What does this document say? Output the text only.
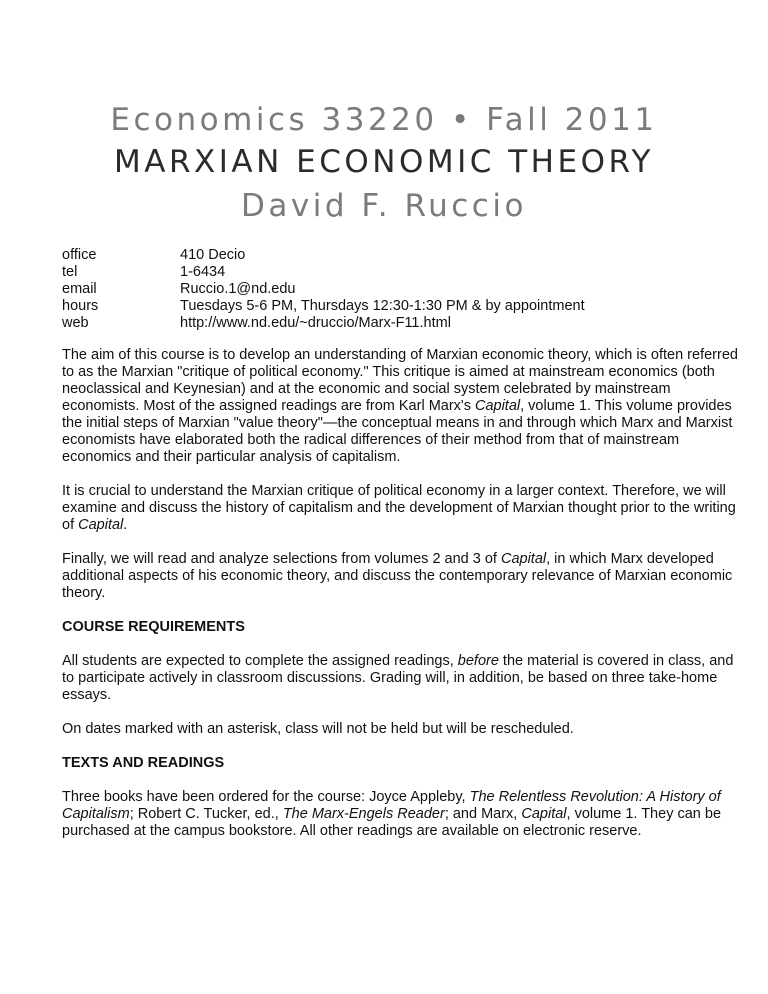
Economics 33220 • Fall 2011
MARXIAN ECONOMIC THEORY
David F. Ruccio
office	410 Decio
tel	1-6434
email	Ruccio.1@nd.edu
hours	Tuesdays 5-6 PM, Thursdays 12:30-1:30 PM & by appointment
web	http://www.nd.edu/~druccio/Marx-F11.html

The aim of this course is to develop an understanding of Marxian economic theory, which is often referred to as the Marxian "critique of political economy." This critique is aimed at mainstream economics (both neoclassical and Keynesian) and at the economic and social system celebrated by mainstream economists. Most of the assigned readings are from Karl Marx's Capital, volume 1. This volume provides the initial steps of Marxian "value theory"—the conceptual means in and through which Marx and Marxist economists have elaborated both the radical differences of their method from that of mainstream economics and their particular analysis of capitalism.

It is crucial to understand the Marxian critique of political economy in a larger context. Therefore, we will examine and discuss the history of capitalism and the development of Marxian thought prior to the writing of Capital.

Finally, we will read and analyze selections from volumes 2 and 3 of Capital, in which Marx developed additional aspects of his economic theory, and discuss the contemporary relevance of Marxian economic theory.

COURSE REQUIREMENTS

All students are expected to complete the assigned readings, before the material is covered in class, and to participate actively in classroom discussions. Grading will, in addition, be based on three take-home essays.

On dates marked with an asterisk, class will not be held but will be rescheduled.

TEXTS AND READINGS

Three books have been ordered for the course: Joyce Appleby, The Relentless Revolution: A History of Capitalism; Robert C. Tucker, ed., The Marx-Engels Reader; and Marx, Capital, volume 1. They can be purchased at the campus bookstore. All other readings are available on electronic reserve.
